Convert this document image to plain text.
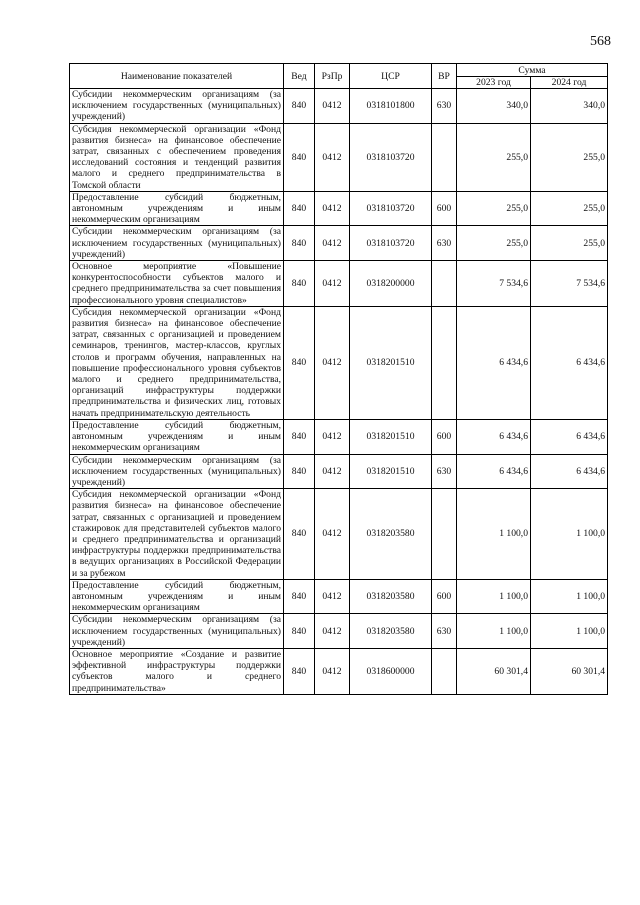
568
Наименование показателей	Вед	РзПр	ЦСР	ВР	Сумма	
					2023 год	2024 год
Субсидии некоммерческим организациям (за исключением государственных (муниципальных) учреждений)	840	0412	0318101800	630	340,0	340,0
Субсидия некоммерческой организации «Фонд развития бизнеса» на финансовое обеспечение затрат, связанных с обеспечением проведения исследований состояния и тенденций развития малого и среднего предпринимательства в Томской области	840	0412	0318103720		255,0	255,0
Предоставление субсидий бюджетным, автономным учреждениям и иным некоммерческим организациям	840	0412	0318103720	600	255,0	255,0
Субсидии некоммерческим организациям (за исключением государственных (муниципальных) учреждений)	840	0412	0318103720	630	255,0	255,0
Основное мероприятие «Повышение конкурентоспособности субъектов малого и среднего предпринимательства за счет повышения профессионального уровня специалистов»	840	0412	0318200000		7 534,6	7 534,6
Субсидия некоммерческой организации «Фонд развития бизнеса» на финансовое обеспечение затрат, связанных с организацией и проведением семинаров, тренингов, мастер-классов, круглых столов и программ обучения, направленных на повышение профессионального уровня субъектов малого и среднего предпринимательства, организаций инфраструктуры поддержки предпринимательства и физических лиц, готовых начать предпринимательскую деятельность	840	0412	0318201510		6 434,6	6 434,6
Предоставление субсидий бюджетным, автономным учреждениям и иным некоммерческим организациям	840	0412	0318201510	600	6 434,6	6 434,6
Субсидии некоммерческим организациям (за исключением государственных (муниципальных) учреждений)	840	0412	0318201510	630	6 434,6	6 434,6
Субсидия некоммерческой организации «Фонд развития бизнеса» на финансовое обеспечение затрат, связанных с организацией и проведением стажировок для представителей субъектов малого и среднего предпринимательства и организаций инфраструктуры поддержки предпринимательства в ведущих организациях в Российской Федерации и за рубежом	840	0412	0318203580		1 100,0	1 100,0
Предоставление субсидий бюджетным, автономным учреждениям и иным некоммерческим организациям	840	0412	0318203580	600	1 100,0	1 100,0
Субсидии некоммерческим организациям (за исключением государственных (муниципальных) учреждений)	840	0412	0318203580	630	1 100,0	1 100,0
Основное мероприятие «Создание и развитие эффективной инфраструктуры поддержки субъектов малого и среднего предпринимательства»	840	0412	0318600000		60 301,4	60 301,4
